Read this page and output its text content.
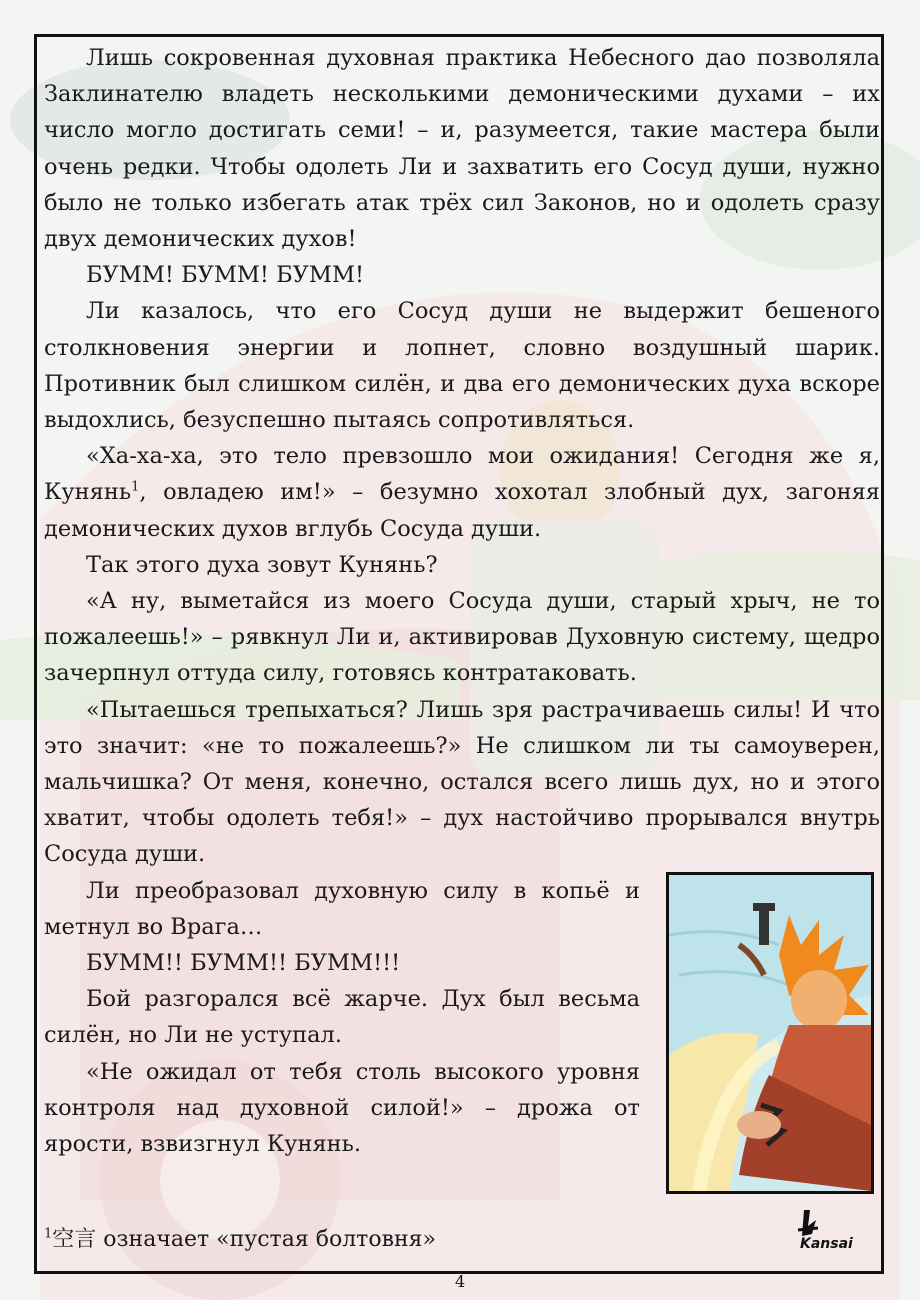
Лишь сокровенная духовная практика Небесного дао позволяла Заклинателю владеть несколькими демоническими духами – их число могло достигать семи! – и, разумеется, такие мастера были очень редки. Чтобы одолеть Ли и захватить его Сосуд души, нужно было не только избегать атак трёх сил Законов, но и одолеть сразу двух демонических духов!

БУММ! БУММ! БУММ!

Ли казалось, что его Сосуд души не выдержит бешеного столкновения энергии и лопнет, словно воздушный шарик. Противник был слишком силён, и два его демонических духа вскоре выдохлись, безуспешно пытаясь сопротивляться.

«Ха-ха-ха, это тело превзошло мои ожидания! Сегодня же я, Кунянь$^1$, овладею им!» – безумно хохотал злобный дух, загоняя демонических духов вглубь Сосуда души.

Так этого духа зовут Кунянь?

«А ну, выметайся из моего Сосуда души, старый хрыч, не то пожалеешь!» – рявкнул Ли и, активировав Духовную систему, щедро зачерпнул оттуда силу, готовясь контратаковать.

«Пытаешься трепыхаться? Лишь зря растрачиваешь силы! И что это значит: «не то пожалеешь?» Не слишком ли ты самоуверен, мальчишка? От меня, конечно, остался всего лишь дух, но и этого хватит, чтобы одолеть тебя!» – дух настойчиво прорывался внутрь Сосуда души.

Ли преобразовал духовную силу в копьё и метнул во Врага…

БУММ!! БУММ!! БУММ!!!

Бой разгорался всё жарче. Дух был весьма силён, но Ли не уступал.

«Не ожидал от тебя столь высокого уровня контроля над духовной силой!» – дрожа от ярости, взвизгнул Кунянь.

$^1$空言 означает «пустая болтовня»	Kansai
4
